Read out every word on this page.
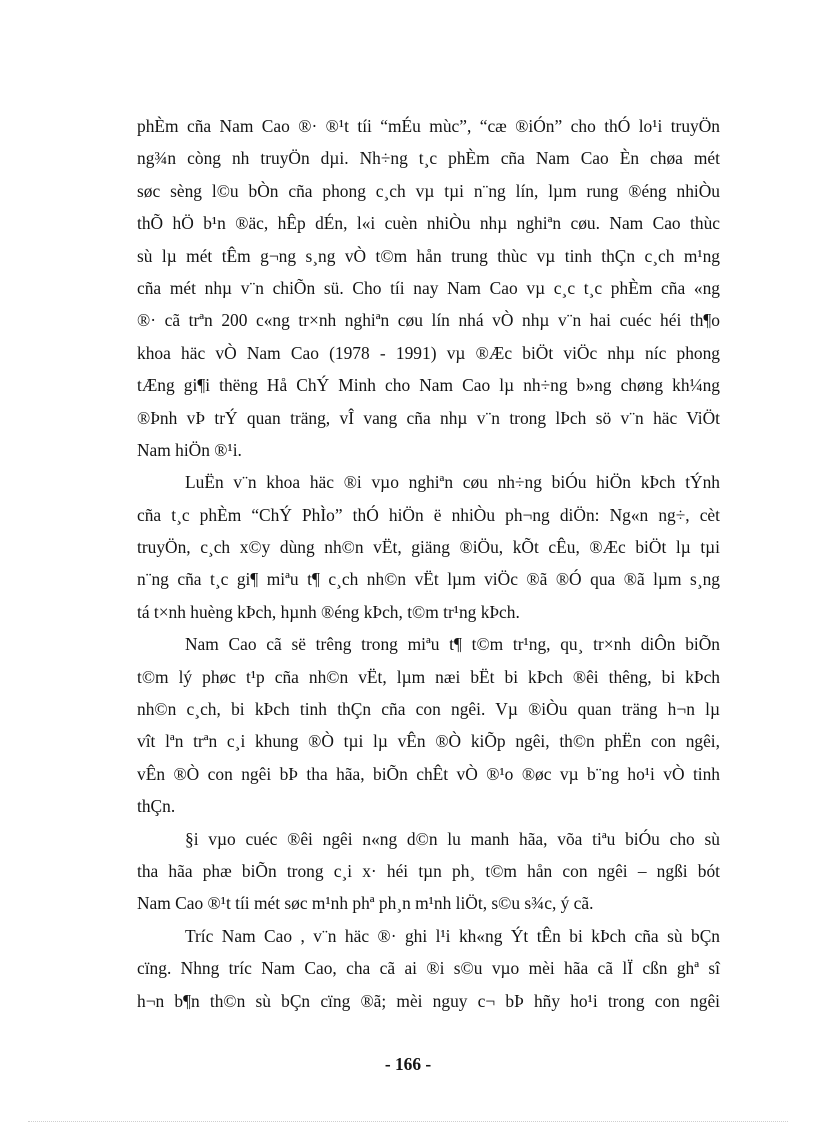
phÈm cña Nam Cao ®· ®¹t tíi “mÉu mùc”, “cæ ®iÓn” cho thÓ lo¹i truyÖn
ng¾n còng nh truyÖn dµi. Nh÷ng t¸c phÈm cña Nam Cao Èn chøa mét
søc sèng l©u bÒn cña phong c¸ch vµ tµi n¨ng lín, lµm rung ®éng nhiÒu
thÕ hÖ b¹n ®äc, hÊp dÉn, l«i cuèn nhiÒu nhµ nghiªn cøu. Nam Cao thùc
sù lµ mét tÊm g¬ng s¸ng vÒ t©m hån trung thùc vµ tinh thÇn c¸ch m¹ng
cña mét nhµ v¨n chiÕn sü. Cho tíi nay Nam Cao vµ c¸c t¸c phÈm cña «ng
®· cã trªn 200 c«ng tr×nh nghiªn cøu lín nhá vÒ nhµ v¨n hai cuéc héi th¶o
khoa häc vÒ Nam Cao (1978 - 1991) vµ ®Æc biÖt viÖc nhµ níc phong
tÆng gi¶i thëng Hå ChÝ Minh cho Nam Cao lµ nh÷ng b»ng chøng kh¼ng
®Þnh vÞ trÝ quan träng, vÎ vang cña nhµ v¨n trong lÞch sö v¨n häc ViÖt
Nam hiÖn ®¹i.
LuËn v¨n khoa häc ®i vµo nghiªn cøu nh÷ng biÓu hiÖn kÞch tÝnh
cña t¸c phÈm “ChÝ PhÌo” thÓ hiÖn ë nhiÒu ph¬ng diÖn: Ng«n ng÷, cèt
truyÖn, c¸ch x©y dùng nh©n vËt, giäng ®iÖu, kÕt cÊu, ®Æc biÖt lµ tµi
n¨ng cña t¸c gi¶ miªu t¶ c¸ch nh©n vËt lµm viÖc ®ã ®Ó qua ®ã lµm s¸ng
tá t×nh huèng kÞch, hµnh ®éng kÞch, t©m tr¹ng kÞch.
Nam Cao cã së trêng trong miªu t¶ t©m tr¹ng, qu¸ tr×nh diÔn biÕn
t©m lý phøc t¹p cña nh©n vËt, lµm næi bËt bi kÞch ®êi thêng, bi kÞch
nh©n c¸ch, bi kÞch tinh thÇn cña con ngêi. Vµ ®iÒu quan träng h¬n lµ
vît lªn trªn c¸i khung ®Ò tµi lµ vÊn ®Ò kiÕp ngêi, th©n phËn con ngêi,
vÊn ®Ò con ngêi bÞ tha hãa, biÕn chÊt vÒ ®¹o ®øc vµ b¨ng ho¹i vÒ tinh
thÇn.
§i vµo cuéc ®êi ngêi n«ng d©n lu manh hãa, võa tiªu biÓu cho sù
tha hãa phæ biÕn trong c¸i x· héi tµn ph¸ t©m hån con ngêi – ngßi bót
Nam Cao ®¹t tíi mét søc m¹nh phª ph¸n m¹nh liÖt, s©u s¾c, ý cã.
Tríc Nam Cao , v¨n häc ®· ghi l¹i kh«ng Ýt tÊn bi kÞch cña sù bÇn
cïng. Nhng tríc Nam Cao, cha cã ai ®i s©u vµo mèi hãa cã lÏ cßn ghª sî
h¬n b¶n th©n sù bÇn cïng ®ã; mèi nguy c¬ bÞ hñy ho¹i trong con ngêi
- 166 -
